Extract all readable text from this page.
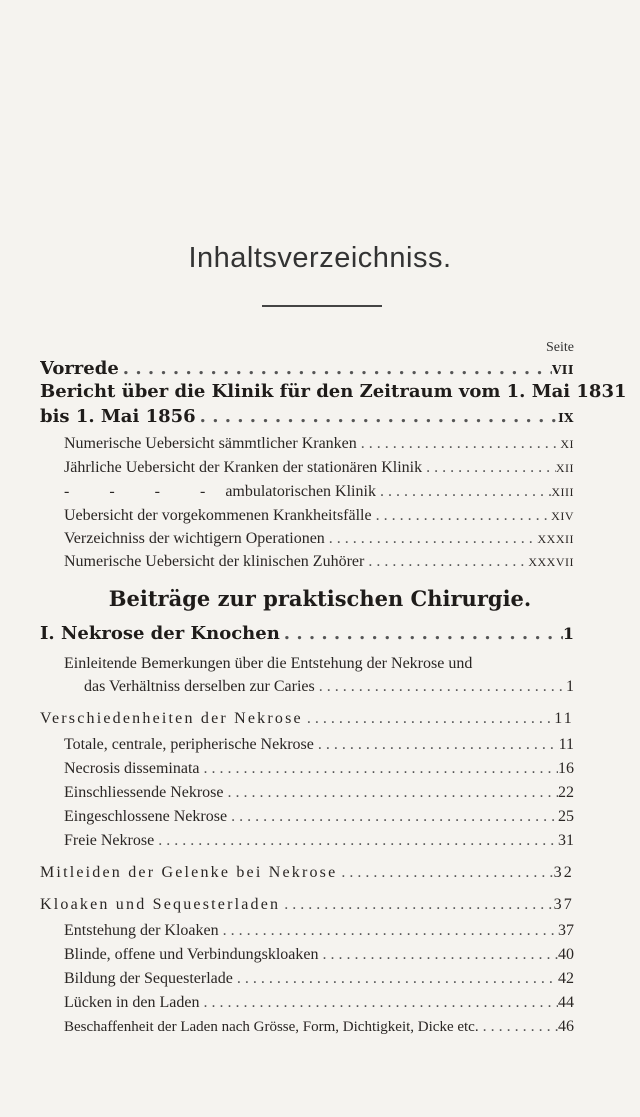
Inhaltsverzeichniss.
Seite
Vorrede . . .	VII
Bericht über die Klinik für den Zeitraum vom 1. Mai 1831
bis 1. Mai 1856 . . .	IX
Numerische Uebersicht sämmtlicher Kranken . . .	XI
Jährliche Uebersicht der Kranken der stationären Klinik . . .	XII
-          -          -          -     ambulatorischen Klinik . . .	XIII
Uebersicht der vorgekommenen Krankheitsfälle . . .	XIV
Verzeichniss der wichtigern Operationen . . .	XXXII
Numerische Uebersicht der klinischen Zuhörer . . .	XXXVII
Beiträge zur praktischen Chirurgie.
I. Nekrose der Knochen . . .	1
Einleitende Bemerkungen über die Entstehung der Nekrose und
das Verhältniss derselben zur Caries . . .	1
Verschiedenheiten der Nekrose . . .	11
Totale, centrale, peripherische Nekrose . . .	11
Necrosis disseminata . . .	16
Einschliessende Nekrose . . .	22
Eingeschlossene Nekrose . . .	25
Freie Nekrose . . .	31
Mitleiden der Gelenke bei Nekrose . . .	32
Kloaken und Sequesterladen . . .	37
Entstehung der Kloaken . . .	37
Blinde, offene und Verbindungskloaken . . .	40
Bildung der Sequesterlade . . .	42
Lücken in den Laden . . .	44
Beschaffenheit der Laden nach Grösse, Form, Dichtigkeit, Dicke etc. . . .	46
